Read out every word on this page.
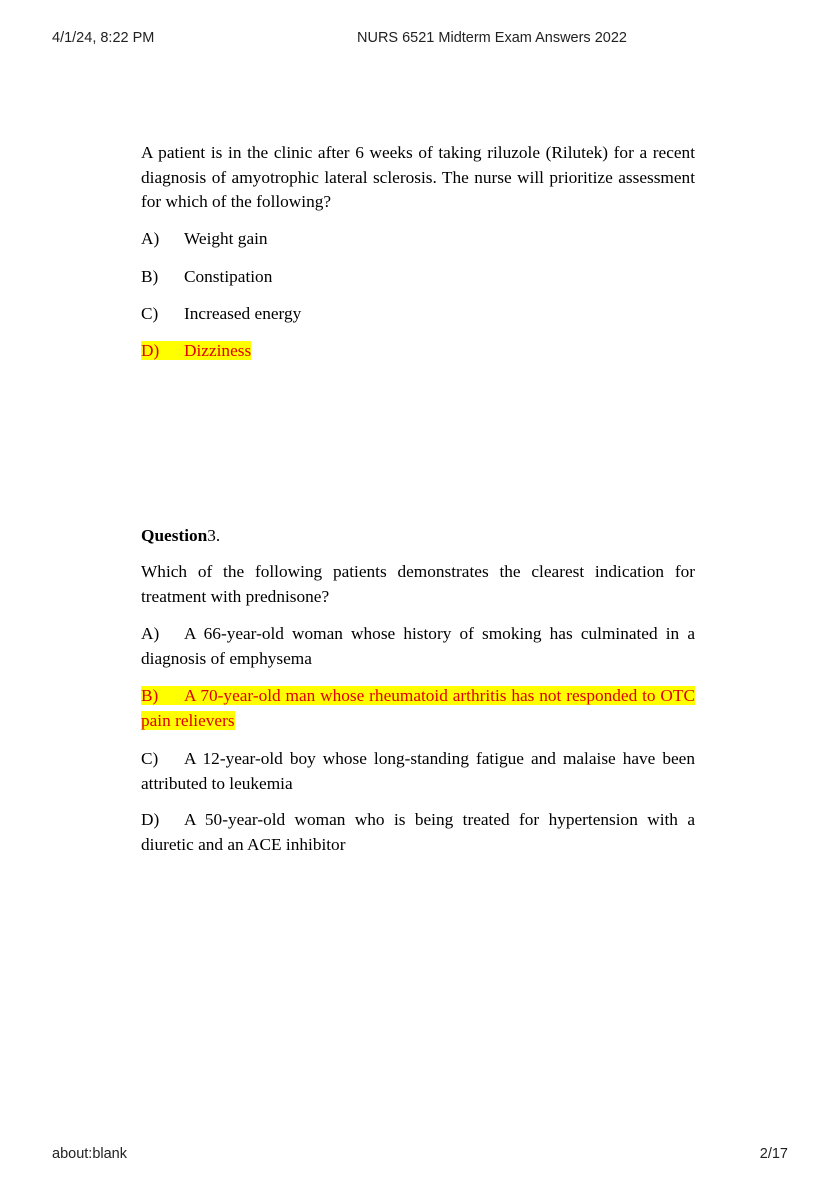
4/1/24, 8:22 PM	NURS 6521 Midterm Exam Answers 2022

A patient is in the clinic after 6 weeks of taking riluzole (Rilutek) for a recent diagnosis of amyotrophic lateral sclerosis. The nurse will prioritize assessment for which of the following?

A) Weight gain

B) Constipation

C) Increased energy

D) Dizziness

Question3.

Which of the following patients demonstrates the clearest indication for treatment with prednisone?

A) A 66-year-old woman whose history of smoking has culminated in a diagnosis of emphysema

B) A 70-year-old man whose rheumatoid arthritis has not responded to OTC pain relievers

C) A 12-year-old boy whose long-standing fatigue and malaise have been attributed to leukemia

D) A 50-year-old woman who is being treated for hypertension with a diuretic and an ACE inhibitor

about:blank	2/17
